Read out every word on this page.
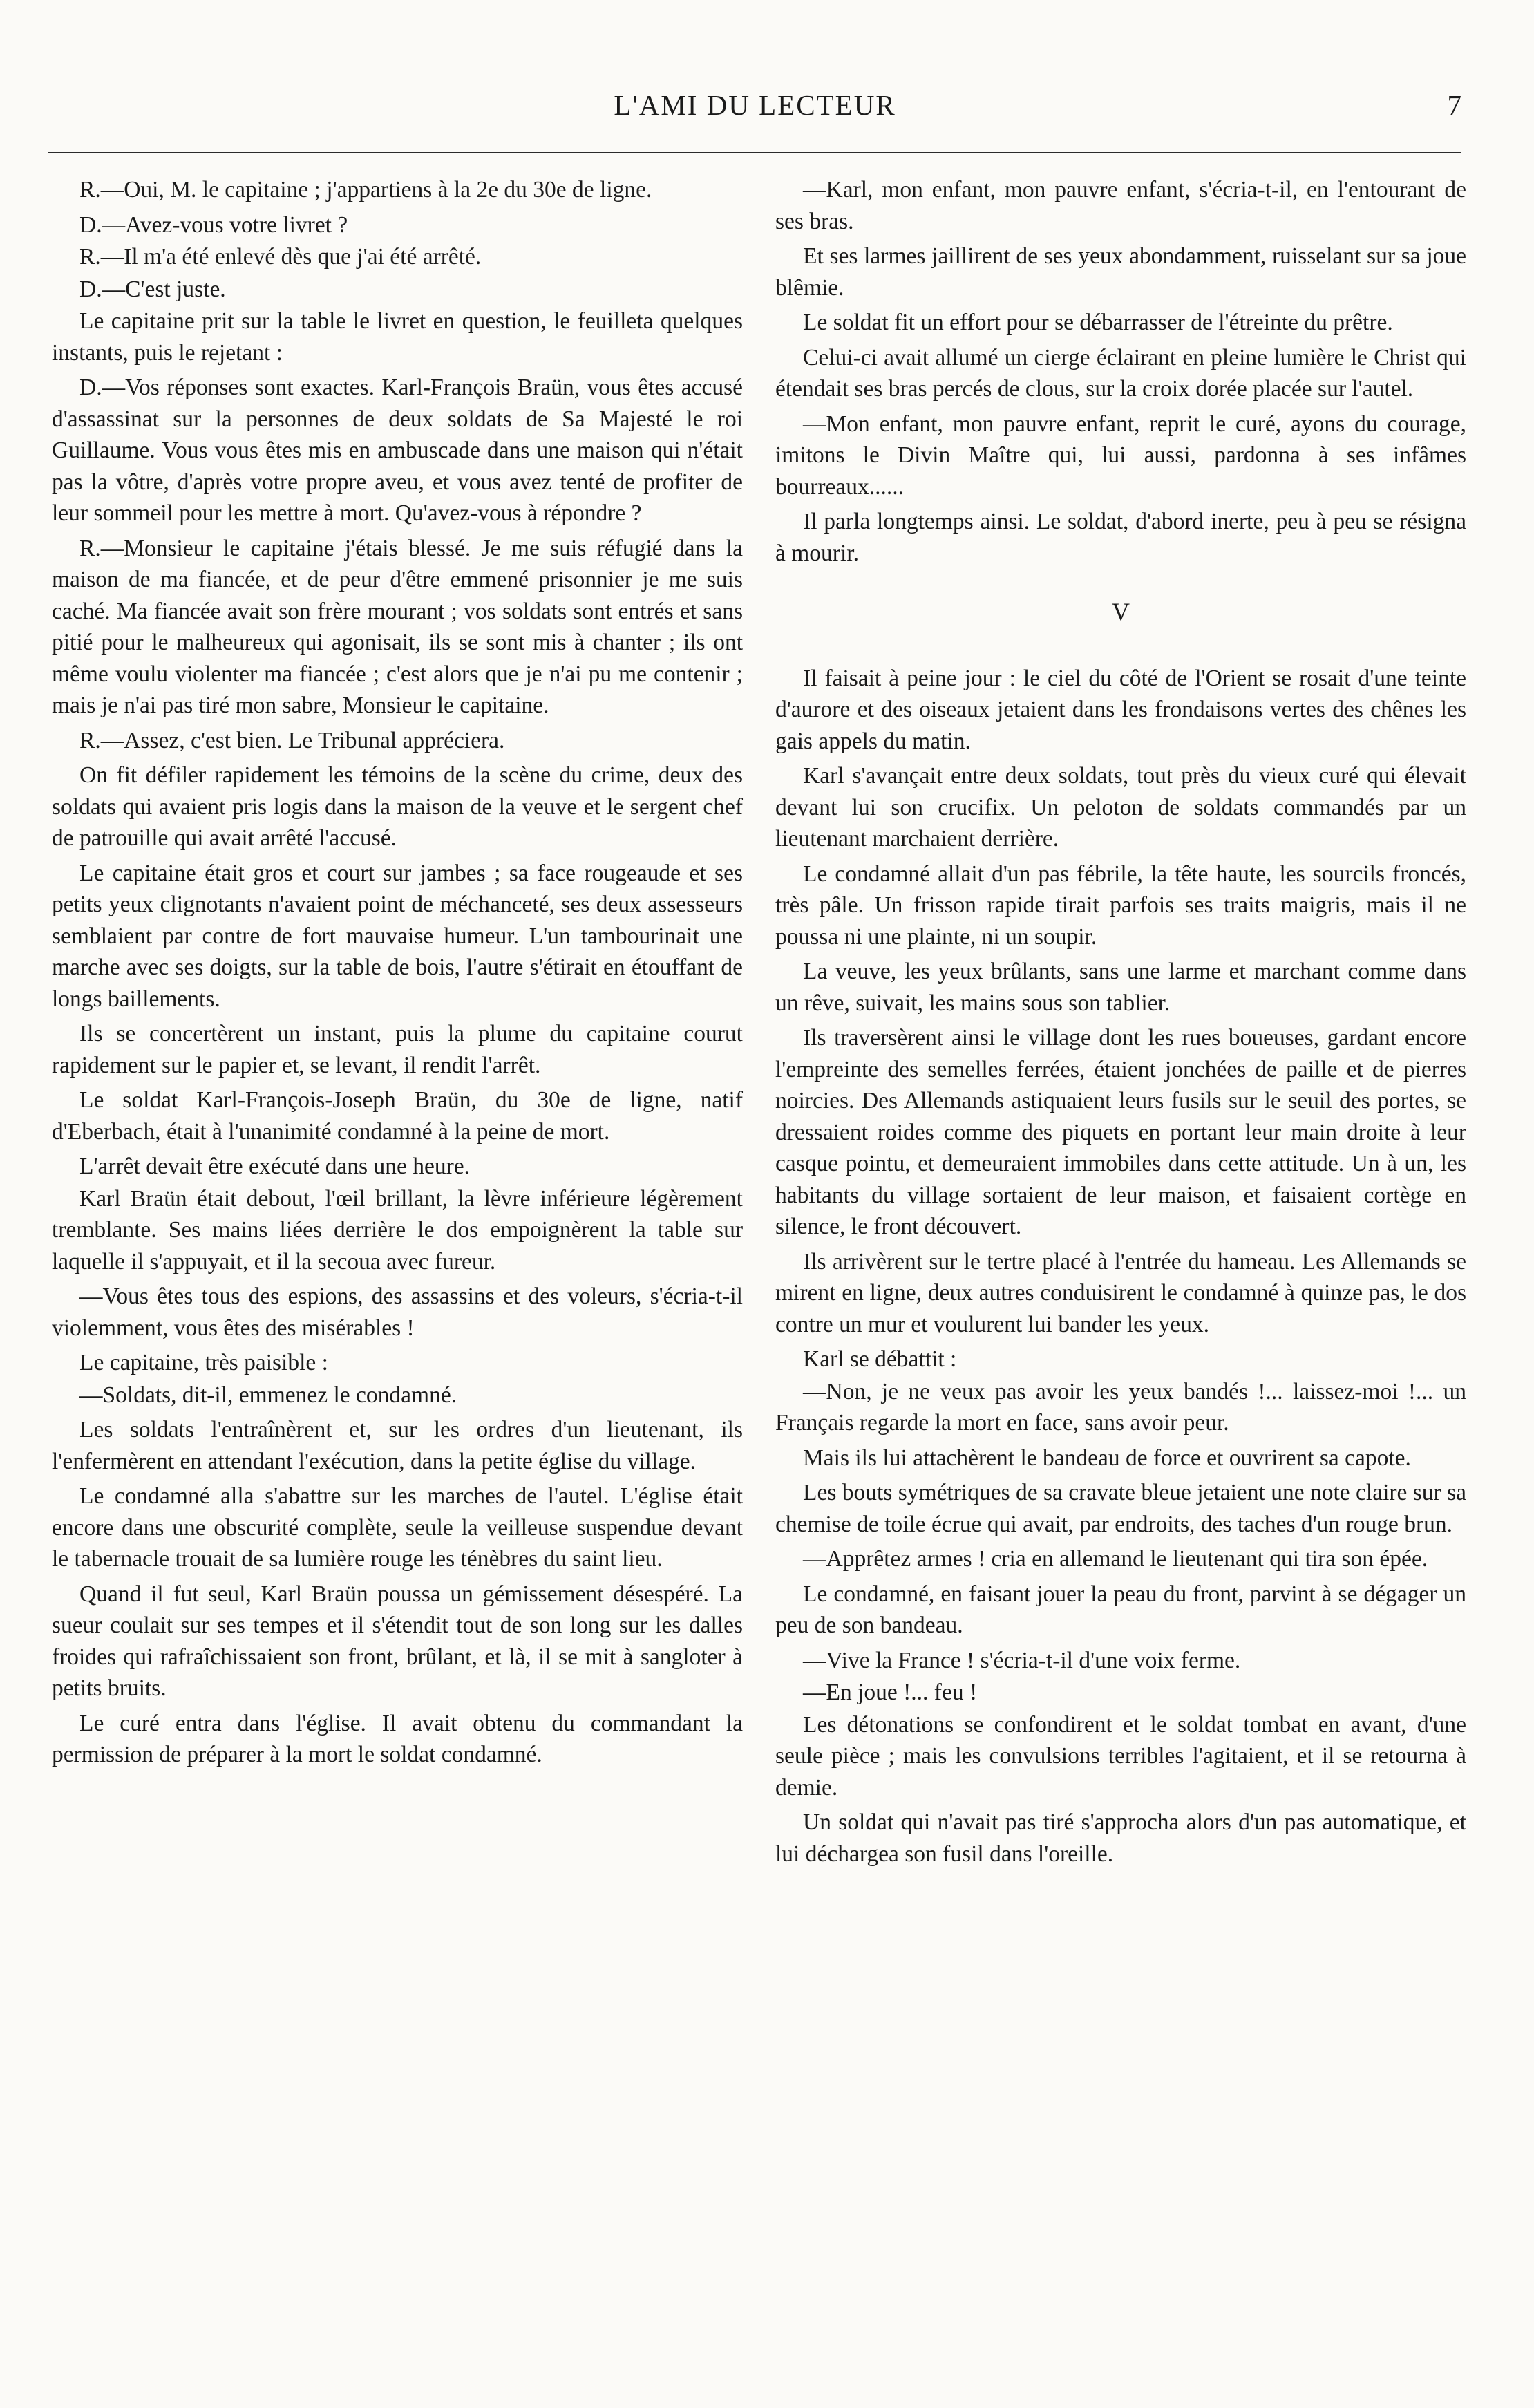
L'AMI DU LECTEUR	7

R.—Oui, M. le capitaine ; j'appartiens à la 2e du 30e de ligne.

D.—Avez-vous votre livret ?

R.—Il m'a été enlevé dès que j'ai été arrêté.

D.—C'est juste.

Le capitaine prit sur la table le livret en question, le feuilleta quelques instants, puis le rejetant :

D.—Vos réponses sont exactes. Karl-François Braün, vous êtes accusé d'assassinat sur la personnes de deux soldats de Sa Majesté le roi Guillaume. Vous vous êtes mis en ambuscade dans une maison qui n'était pas la vôtre, d'après votre propre aveu, et vous avez tenté de profiter de leur sommeil pour les mettre à mort. Qu'avez-vous à répondre ?

R.—Monsieur le capitaine j'étais blessé. Je me suis réfugié dans la maison de ma fiancée, et de peur d'être emmené prisonnier je me suis caché. Ma fiancée avait son frère mourant ; vos soldats sont entrés et sans pitié pour le malheureux qui agonisait, ils se sont mis à chanter ; ils ont même voulu violenter ma fiancée ; c'est alors que je n'ai pu me contenir ; mais je n'ai pas tiré mon sabre, Monsieur le capitaine.

R.—Assez, c'est bien. Le Tribunal appréciera.

On fit défiler rapidement les témoins de la scène du crime, deux des soldats qui avaient pris logis dans la maison de la veuve et le sergent chef de patrouille qui avait arrêté l'accusé.

Le capitaine était gros et court sur jambes ; sa face rougeaude et ses petits yeux clignotants n'avaient point de méchanceté, ses deux assesseurs semblaient par contre de fort mauvaise humeur. L'un tambourinait une marche avec ses doigts, sur la table de bois, l'autre s'étirait en étouffant de longs baillements.

Ils se concertèrent un instant, puis la plume du capitaine courut rapidement sur le papier et, se levant, il rendit l'arrêt.

Le soldat Karl-François-Joseph Braün, du 30e de ligne, natif d'Eberbach, était à l'unanimité condamné à la peine de mort.

L'arrêt devait être exécuté dans une heure.

Karl Braün était debout, l'œil brillant, la lèvre inférieure légèrement tremblante. Ses mains liées derrière le dos empoignèrent la table sur laquelle il s'appuyait, et il la secoua avec fureur.

—Vous êtes tous des espions, des assassins et des voleurs, s'écria-t-il violemment, vous êtes des misérables !

Le capitaine, très paisible :

—Soldats, dit-il, emmenez le condamné.

Les soldats l'entraînèrent et, sur les ordres d'un lieutenant, ils l'enfermèrent en attendant l'exécution, dans la petite église du village.

Le condamné alla s'abattre sur les marches de l'autel. L'église était encore dans une obscurité complète, seule la veilleuse suspendue devant le tabernacle trouait de sa lumière rouge les ténèbres du saint lieu.

Quand il fut seul, Karl Braün poussa un gémissement désespéré. La sueur coulait sur ses tempes et il s'étendit tout de son long sur les dalles froides qui rafraîchissaient son front, brûlant, et là, il se mit à sangloter à petits bruits.

Le curé entra dans l'église. Il avait obtenu du commandant la permission de préparer à la mort le soldat condamné.

—Karl, mon enfant, mon pauvre enfant, s'écria-t-il, en l'entourant de ses bras.

Et ses larmes jaillirent de ses yeux abondamment, ruisselant sur sa joue blêmie.

Le soldat fit un effort pour se débarrasser de l'étreinte du prêtre.

Celui-ci avait allumé un cierge éclairant en pleine lumière le Christ qui étendait ses bras percés de clous, sur la croix dorée placée sur l'autel.

—Mon enfant, mon pauvre enfant, reprit le curé, ayons du courage, imitons le Divin Maître qui, lui aussi, pardonna à ses infâmes bourreaux......

Il parla longtemps ainsi. Le soldat, d'abord inerte, peu à peu se résigna à mourir.

V

Il faisait à peine jour : le ciel du côté de l'Orient se rosait d'une teinte d'aurore et des oiseaux jetaient dans les frondaisons vertes des chênes les gais appels du matin.

Karl s'avançait entre deux soldats, tout près du vieux curé qui élevait devant lui son crucifix. Un peloton de soldats commandés par un lieutenant marchaient derrière.

Le condamné allait d'un pas fébrile, la tête haute, les sourcils froncés, très pâle. Un frisson rapide tirait parfois ses traits maigris, mais il ne poussa ni une plainte, ni un soupir.

La veuve, les yeux brûlants, sans une larme et marchant comme dans un rêve, suivait, les mains sous son tablier.

Ils traversèrent ainsi le village dont les rues boueuses, gardant encore l'empreinte des semelles ferrées, étaient jonchées de paille et de pierres noircies. Des Allemands astiquaient leurs fusils sur le seuil des portes, se dressaient roides comme des piquets en portant leur main droite à leur casque pointu, et demeuraient immobiles dans cette attitude. Un à un, les habitants du village sortaient de leur maison, et faisaient cortège en silence, le front découvert.

Ils arrivèrent sur le tertre placé à l'entrée du hameau. Les Allemands se mirent en ligne, deux autres conduisirent le condamné à quinze pas, le dos contre un mur et voulurent lui bander les yeux.

Karl se débattit :

—Non, je ne veux pas avoir les yeux bandés !... laissez-moi !... un Français regarde la mort en face, sans avoir peur.

Mais ils lui attachèrent le bandeau de force et ouvrirent sa capote.

Les bouts symétriques de sa cravate bleue jetaient une note claire sur sa chemise de toile écrue qui avait, par endroits, des taches d'un rouge brun.

—Apprêtez armes ! cria en allemand le lieutenant qui tira son épée.

Le condamné, en faisant jouer la peau du front, parvint à se dégager un peu de son bandeau.

—Vive la France ! s'écria-t-il d'une voix ferme.

—En joue !... feu !

Les détonations se confondirent et le soldat tombat en avant, d'une seule pièce ; mais les convulsions terribles l'agitaient, et il se retourna à demie.

Un soldat qui n'avait pas tiré s'approcha alors d'un pas automatique, et lui déchargea son fusil dans l'oreille.
